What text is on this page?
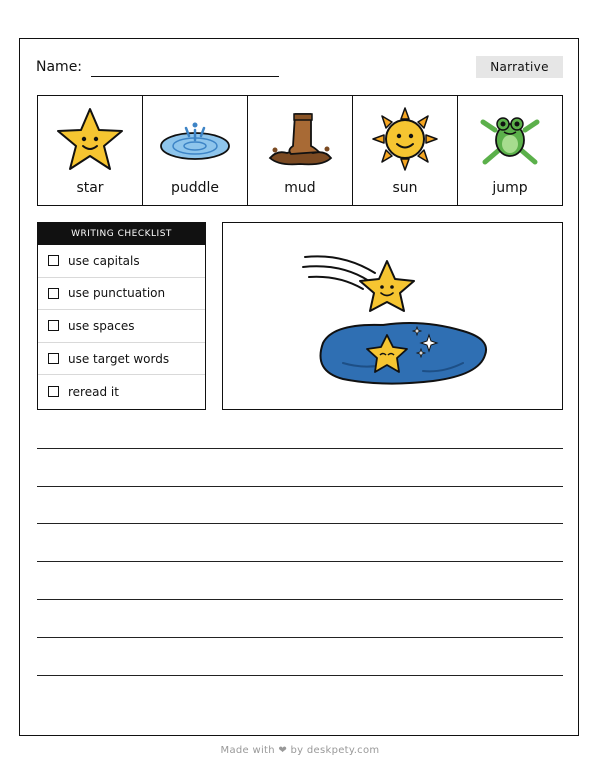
Name:	Narrative
star	puddle	mud	sun	jump
WRITING CHECKLIST
use capitals
use punctuation
use spaces
use target words
reread it
Made with ❤ by deskpety.com
